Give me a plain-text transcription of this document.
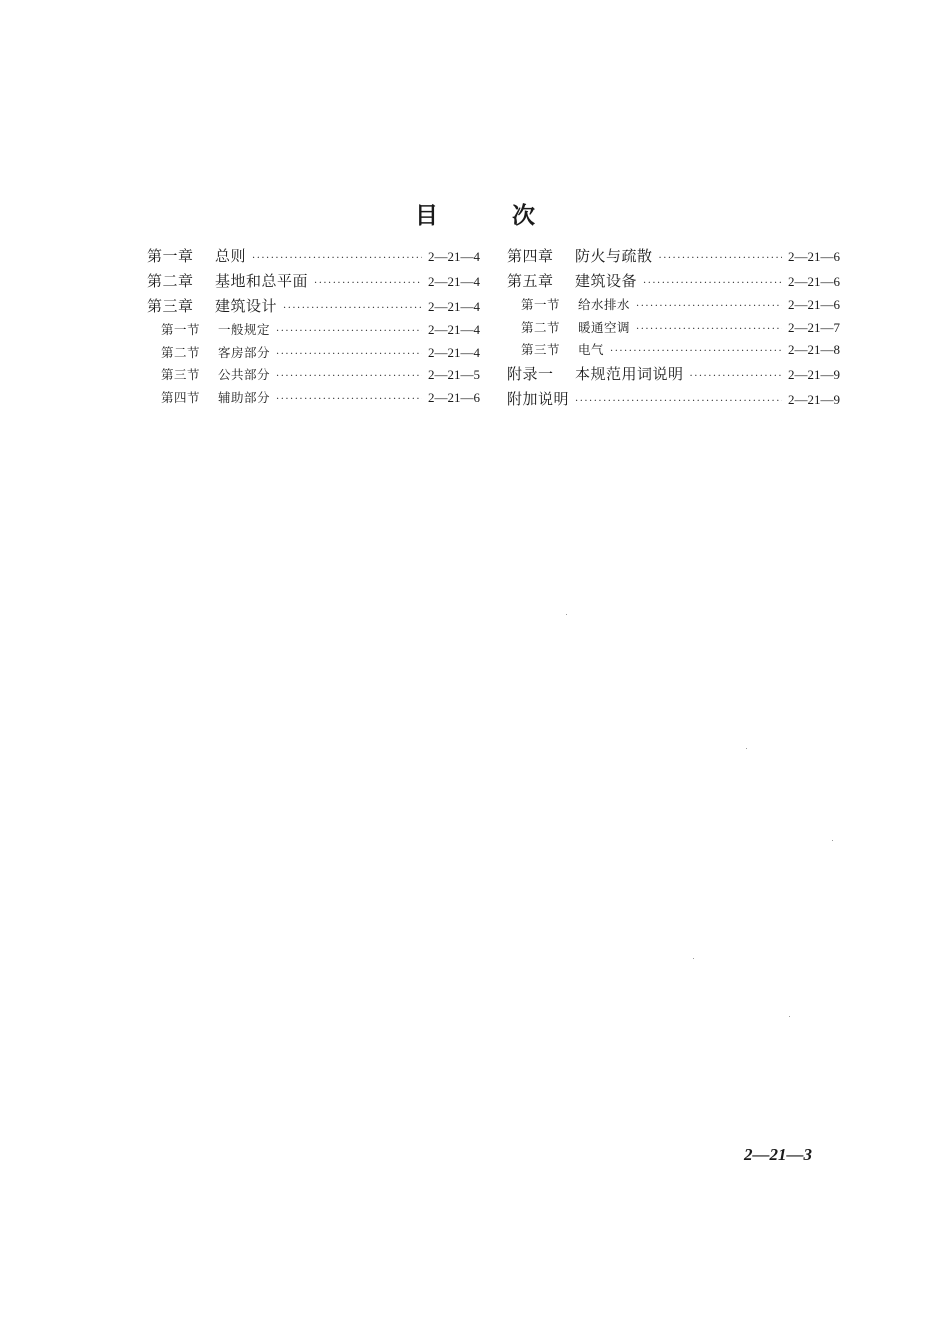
目	次
第一章	总则 ·····	2—21—4
第二章	基地和总平面 ·····	2—21—4
第三章	建筑设计 ·····	2—21—4
第一节	一般规定 ·····	2—21—4
第二节	客房部分 ·····	2—21—4
第三节	公共部分 ·····	2—21—5
第四节	辅助部分 ·····	2—21—6
第四章	防火与疏散 ·····	2—21—6
第五章	建筑设备 ·····	2—21—6
第一节	给水排水 ·····	2—21—6
第二节	暖通空调 ·····	2—21—7
第三节	电气 ·····	2—21—8
附录一	本规范用词说明 ·····	2—21—9
附加说明 ·····	2—21—9
2—21—3
